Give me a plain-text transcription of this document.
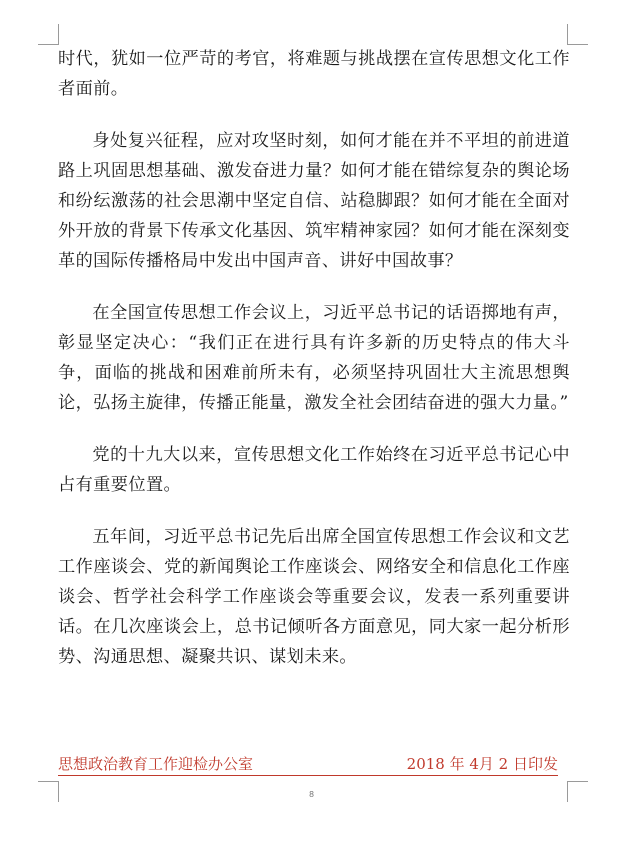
时代，犹如一位严苛的考官，将难题与挑战摆在宣传思想文化工作者面前。

身处复兴征程，应对攻坚时刻，如何才能在并不平坦的前进道路上巩固思想基础、激发奋进力量？如何才能在错综复杂的舆论场和纷纭激荡的社会思潮中坚定自信、站稳脚跟？如何才能在全面对外开放的背景下传承文化基因、筑牢精神家园？如何才能在深刻变革的国际传播格局中发出中国声音、讲好中国故事？

在全国宣传思想工作会议上，习近平总书记的话语掷地有声，彰显坚定决心：“我们正在进行具有许多新的历史特点的伟大斗争，面临的挑战和困难前所未有，必须坚持巩固壮大主流思想舆论，弘扬主旋律，传播正能量，激发全社会团结奋进的强大力量。”

党的十九大以来，宣传思想文化工作始终在习近平总书记心中占有重要位置。

五年间，习近平总书记先后出席全国宣传思想工作会议和文艺工作座谈会、党的新闻舆论工作座谈会、网络安全和信息化工作座谈会、哲学社会科学工作座谈会等重要会议，发表一系列重要讲话。在几次座谈会上，总书记倾听各方面意见，同大家一起分析形势、沟通思想、凝聚共识、谋划未来。

思想政治教育工作迎检办公室	2018 年 4月 2 日印发
8
